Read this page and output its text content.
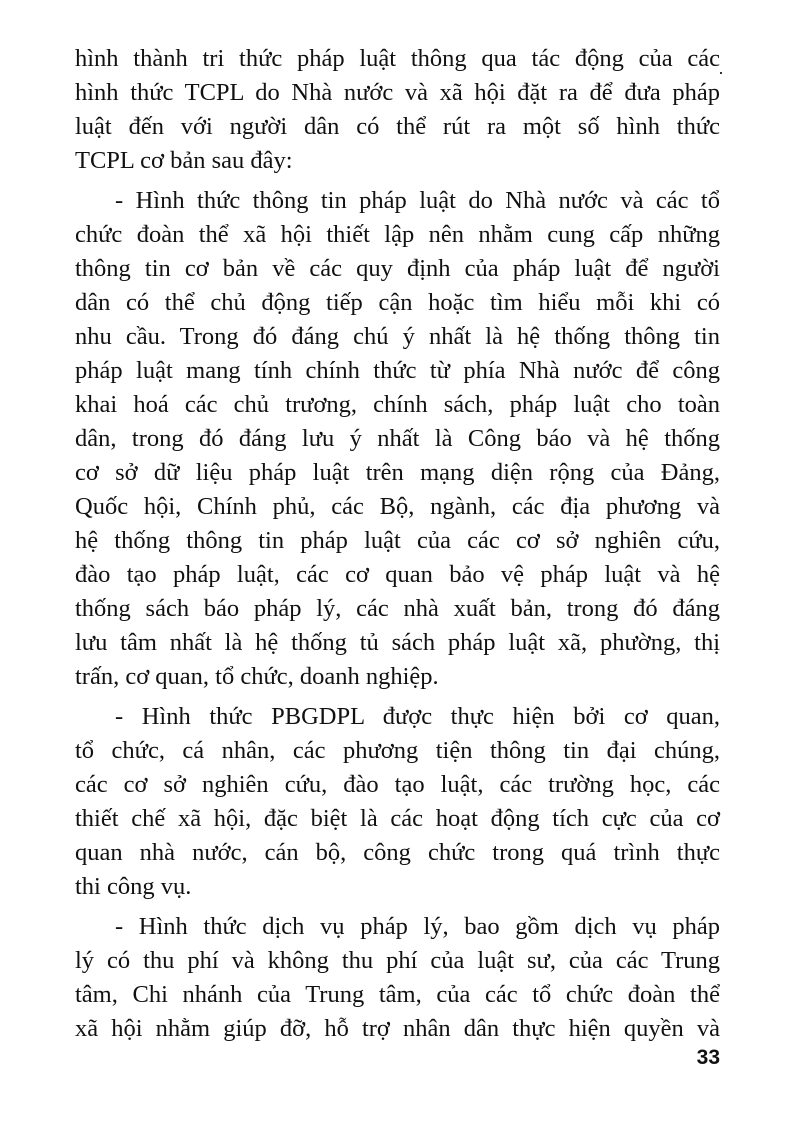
hình thành tri thức pháp luật thông qua tác động của các
hình thức TCPL do Nhà nước và xã hội đặt ra để đưa pháp
luật đến với người dân có thể rút ra một số hình thức
TCPL cơ bản sau đây:
- Hình thức thông tin pháp luật do Nhà nước và các tổ
chức đoàn thể xã hội thiết lập nên nhằm cung cấp những
thông tin cơ bản về các quy định của pháp luật để người
dân có thể chủ động tiếp cận hoặc tìm hiểu mỗi khi có
nhu cầu. Trong đó đáng chú ý nhất là hệ thống thông tin
pháp luật mang tính chính thức từ phía Nhà nước để công
khai hoá các chủ trương, chính sách, pháp luật cho toàn
dân, trong đó đáng lưu ý nhất là Công báo và hệ thống
cơ sở dữ liệu pháp luật trên mạng diện rộng của Đảng,
Quốc hội, Chính phủ, các Bộ, ngành, các địa phương và
hệ thống thông tin pháp luật của các cơ sở nghiên cứu,
đào tạo pháp luật, các cơ quan bảo vệ pháp luật và hệ
thống sách báo pháp lý, các nhà xuất bản, trong đó đáng
lưu tâm nhất là hệ thống tủ sách pháp luật xã, phường, thị
trấn, cơ quan, tổ chức, doanh nghiệp.
- Hình thức PBGDPL được thực hiện bởi cơ quan,
tổ chức, cá nhân, các phương tiện thông tin đại chúng,
các cơ sở nghiên cứu, đào tạo luật, các trường học, các
thiết chế xã hội, đặc biệt là các hoạt động tích cực của cơ
quan nhà nước, cán bộ, công chức trong quá trình thực
thi công vụ.
- Hình thức dịch vụ pháp lý, bao gồm dịch vụ pháp
lý có thu phí và không thu phí của luật sư, của các Trung
tâm, Chi nhánh của Trung tâm, của các tổ chức đoàn thể
xã hội nhằm giúp đỡ, hỗ trợ nhân dân thực hiện quyền và
33
